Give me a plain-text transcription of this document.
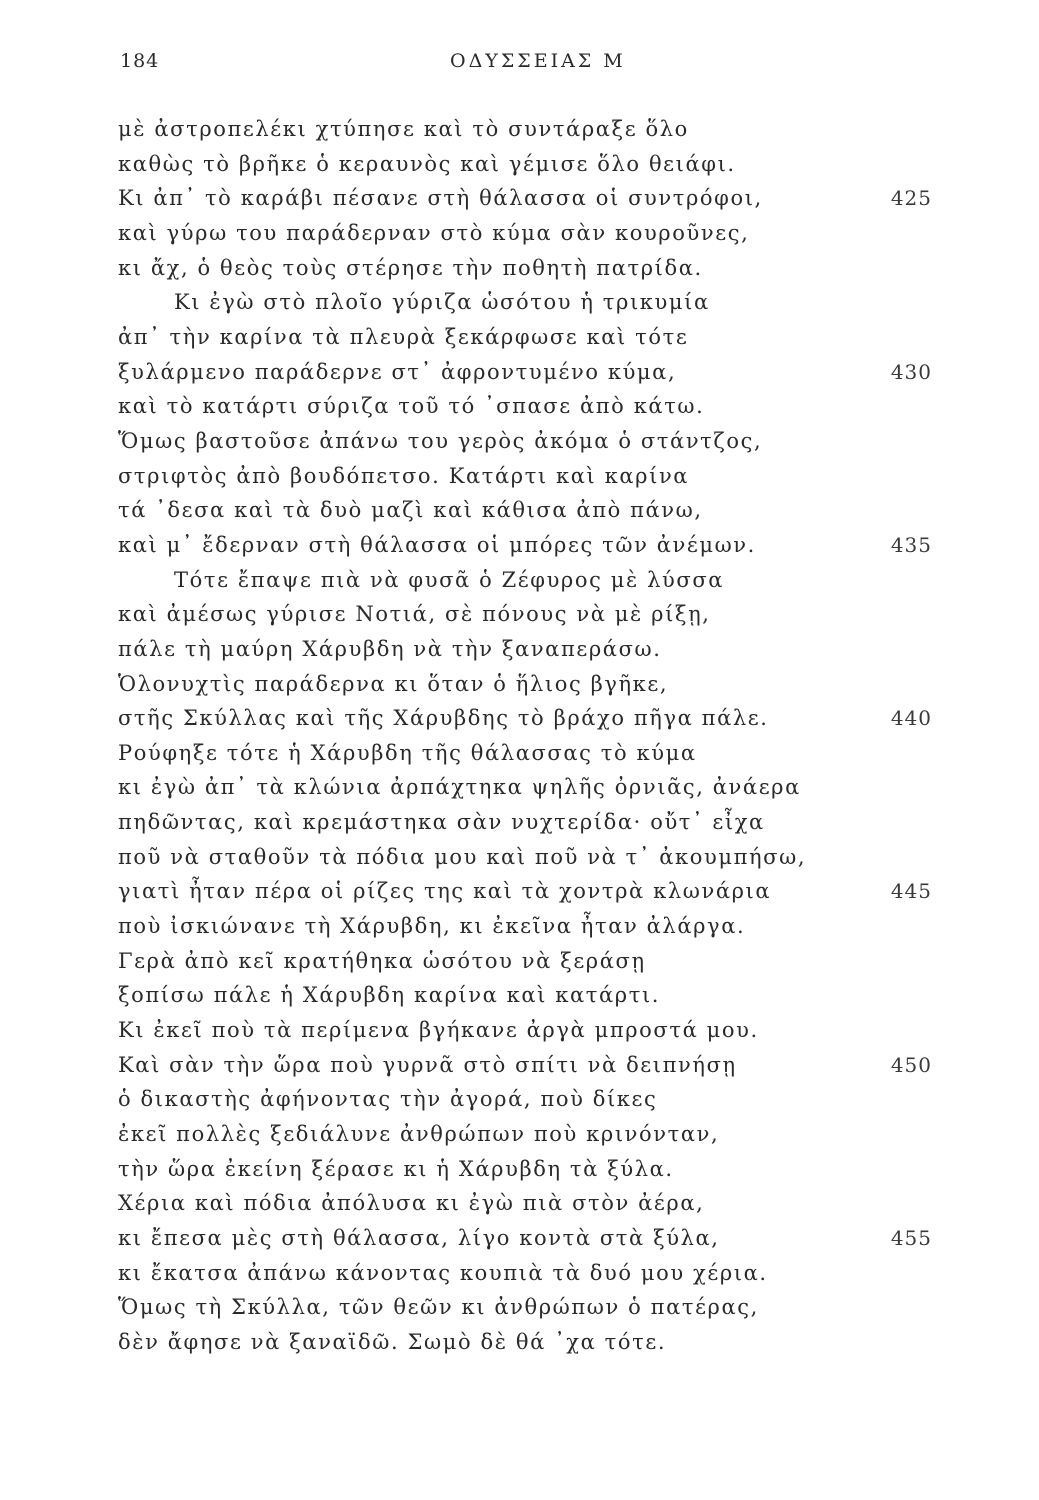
184	ΟΔΥΣΣΕΙΑΣ Μ
μὲ ἀστροπελέκι χτύπησε καὶ τὸ συντάραξε ὅλο
καθὼς τὸ βρῆκε ὁ κεραυνὸς καὶ γέμισε ὅλο θειάφι.
Κι ἀπ᾽ τὸ καράβι πέσανε στὴ θάλασσα οἱ συντρόφοι,	425
καὶ γύρω του παράδερναν στὸ κύμα σὰν κουροῦνες,
κι ἄχ, ὁ θεὸς τοὺς στέρησε τὴν ποθητὴ πατρίδα.
Κι ἐγὼ στὸ πλοῖο γύριζα ὡσότου ἡ τρικυμία
ἀπ᾽ τὴν καρίνα τὰ πλευρὰ ξεκάρφωσε καὶ τότε
ξυλάρμενο παράδερνε στ᾽ ἀφροντυμένο κύμα,	430
καὶ τὸ κατάρτι σύριζα τοῦ τό ᾽σπασε ἀπὸ κάτω.
Ὅμως βαστοῦσε ἀπάνω του γερὸς ἀκόμα ὁ στάντζος,
στριφτὸς ἀπὸ βουδόπετσο. Κατάρτι καὶ καρίνα
τά ᾽δεσα καὶ τὰ δυὸ μαζὶ καὶ κάθισα ἀπὸ πάνω,
καὶ μ᾽ ἔδερναν στὴ θάλασσα οἱ μπόρες τῶν ἀνέμων.	435
Τότε ἔπαψε πιὰ νὰ φυσᾶ ὁ Ζέφυρος μὲ λύσσα
καὶ ἀμέσως γύρισε Νοτιά, σὲ πόνους νὰ μὲ ρίξῃ,
πάλε τὴ μαύρη Χάρυβδη νὰ τὴν ξαναπεράσω.
Ὁλονυχτὶς παράδερνα κι ὅταν ὁ ἥλιος βγῆκε,
στῆς Σκύλλας καὶ τῆς Χάρυβδης τὸ βράχο πῆγα πάλε.	440
Ρούφηξε τότε ἡ Χάρυβδη τῆς θάλασσας τὸ κύμα
κι ἐγὼ ἀπ᾽ τὰ κλώνια ἀρπάχτηκα ψηλῆς ὀρνιᾶς, ἀνάερα
πηδῶντας, καὶ κρεμάστηκα σὰν νυχτερίδα· οὔτ᾽ εἶχα
ποῦ νὰ σταθοῦν τὰ πόδια μου καὶ ποῦ νὰ τ᾽ ἀκουμπήσω,
γιατὶ ἦταν πέρα οἱ ρίζες της καὶ τὰ χοντρὰ κλωνάρια	445
ποὺ ἰσκιώνανε τὴ Χάρυβδη, κι ἐκεῖνα ἦταν ἀλάργα.
Γερὰ ἀπὸ κεῖ κρατήθηκα ὡσότου νὰ ξεράσῃ
ξοπίσω πάλε ἡ Χάρυβδη καρίνα καὶ κατάρτι.
Κι ἐκεῖ ποὺ τὰ περίμενα βγήκανε ἀργὰ μπροστά μου.
Καὶ σὰν τὴν ὥρα ποὺ γυρνᾶ στὸ σπίτι νὰ δειπνήσῃ	450
ὁ δικαστὴς ἀφήνοντας τὴν ἀγορά, ποὺ δίκες
ἐκεῖ πολλὲς ξεδιάλυνε ἀνθρώπων ποὺ κρινόνταν,
τὴν ὥρα ἐκείνη ξέρασε κι ἡ Χάρυβδη τὰ ξύλα.
Χέρια καὶ πόδια ἀπόλυσα κι ἐγὼ πιὰ στὸν ἀέρα,
κι ἔπεσα μὲς στὴ θάλασσα, λίγο κοντὰ στὰ ξύλα,	455
κι ἔκατσα ἀπάνω κάνοντας κουπιὰ τὰ δυό μου χέρια.
Ὅμως τὴ Σκύλλα, τῶν θεῶν κι ἀνθρώπων ὁ πατέρας,
δὲν ἄφησε νὰ ξαναϊδῶ. Σωμὸ δὲ θά ᾽χα τότε.
